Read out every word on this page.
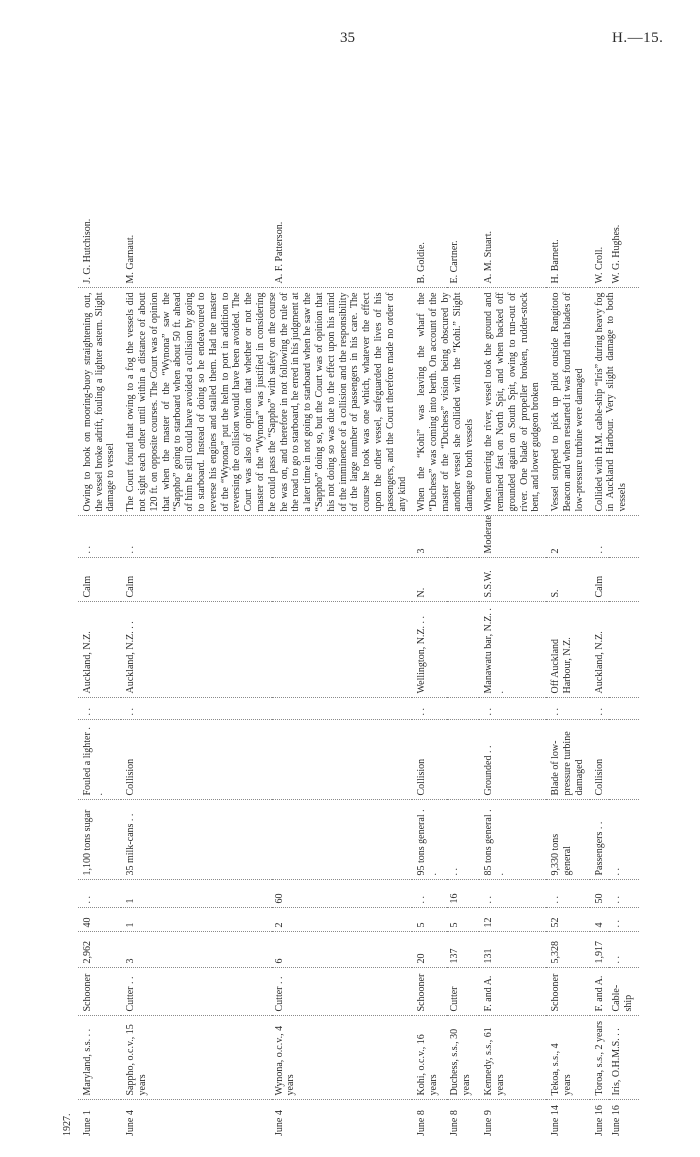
35	H.—15.
1927.													
June 1	Maryland, s.s. . .	Schooner	2,962	40	. .	1,100 tons sugar	Fouled a lighter . .	. .	Auckland, N.Z.	Calm	. .	Owing to hook on mooring-buoy straightening out, the vessel broke adrift, fouling a lighter astern. Slight damage to vessel	J. G. Hutchison.
June 4	Sappho, o.c.v., 15 years	Cutter . .	3	1	1	35 milk-cans . .	Collision	. .	Auckland, N.Z. . .	Calm	. .	The Court found that owing to a fog the vessels did not sight each other until within a distance of about 120 ft. on opposite courses. The Court was of opinion that when the master of the “Wynona” saw the “Sappho” going to starboard when about 50 ft. ahead of him he still could have avoided a collision by going to starboard. Instead of doing so he endeavoured to reverse his engines and stalled them. Had the master of the “Wynona” put the helm to port in addition to reversing the collision would have been avoided. The Court was also of opinion that whether or not the master of the “Wynona” was justified in considering he could pass the “Sappho” with safety on the course he was on, and therefore in not following the rule of the road to go to starboard, he erred in his judgment at a later time in not going to starboard when he saw the “Sappho” doing so, but the Court was of opinion that his not doing so was due to the effect upon his mind of the imminence of a collision and the responsibility of the large number of passengers in his care. The course he took was one which, whatever the effect upon the other vessel, safeguarded the lives of his passengers, and the Court therefore made no order of any kind	M. Garnaut.
June 4	Wynona, o.c.v., 4 years	Cutter . .	6	2	60								A. F. Patterson.
June 8	Kohi, o.c.v., 16 years	Schooner	20	5	. .	95 tons general . .	Collision	. .	Wellington, N.Z. . .	N.	3	When the “Kohi” was leaving the wharf the “Duchess” was coming into berth. On account of the master of the “Duchess” vision being obscured by another vessel she collided with the “Kohi.” Slight damage to both vessels	B. Goldie.
June 8	Duchess, s.s., 30 years	Cutter	137	5	16	. .							E. Cartner.
June 9	Kennedy, s.s., 61 years	F. and A.	131	12	. .	85 tons general . .	Grounded . .	. .	Manawatu bar, N.Z. . .	S.S.W.	Moderate	When entering the river, vessel took the ground and remained fast on North Spit, and when backed off grounded again on South Spit, owing to run-out of river. One blade of propeller broken, rudder-stock bent, and lower gudgeon broken	A. M. Stuart.
June 14	Tekoa, s.s., 4 years	Schooner	5,328	52	. .	9,330 tons general	Blade of low-pressure turbine damaged	. .	Off Auckland Harbour, N.Z.	S.	2	Vessel stopped to pick up pilot outside Rangitoto Beacon and when restarted it was found that blades of low-pressure turbine were damaged	H. Barnett.
June 16	Toroa, s.s., 2 years	F. and A.	1,917	4	50	Passengers . .	Collision	. .	Auckland, N.Z.	Calm	. .	Collided with H.M. cable-ship “Iris” during heavy fog in Auckland Harbour. Very slight damage to both vessels	W. Croll.
June 16	Iris, O.H.M.S. . .	Cable-ship	. .	. .	. .	. .							W. G. Hughes.
